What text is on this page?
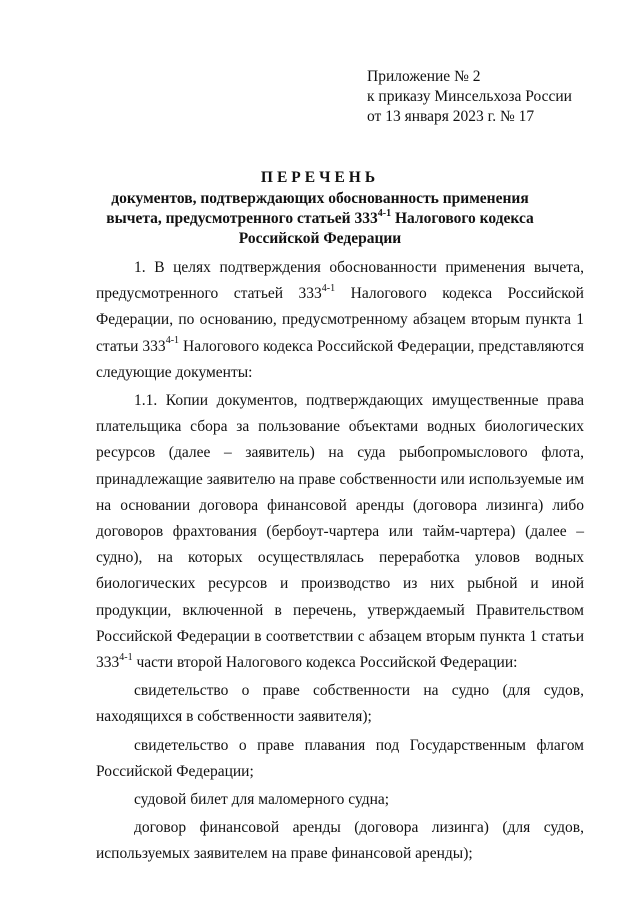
Приложение № 2
к приказу Минсельхоза России
от 13 января 2023 г. № 17
ПЕРЕЧЕНЬ
документов, подтверждающих обоснованность применения
вычета, предусмотренного статьей 333$^{4-1}$ Налогового кодекса
Российской Федерации

1. В целях подтверждения обоснованности применения вычета, предусмотренного статьей 333$^{4-1}$ Налогового кодекса Российской Федерации, по основанию, предусмотренному абзацем вторым пункта 1 статьи 333$^{4-1}$ Налогового кодекса Российской Федерации, представляются следующие документы:

1.1. Копии документов, подтверждающих имущественные права плательщика сбора за пользование объектами водных биологических ресурсов (далее – заявитель) на суда рыбопромыслового флота, принадлежащие заявителю на праве собственности или используемые им на основании договора финансовой аренды (договора лизинга) либо договоров фрахтования (бербоут-чартера или тайм-чартера) (далее – судно), на которых осуществлялась переработка уловов водных биологических ресурсов и производство из них рыбной и иной продукции, включенной в перечень, утверждаемый Правительством Российской Федерации в соответствии с абзацем вторым пункта 1 статьи 333$^{4-1}$ части второй Налогового кодекса Российской Федерации:

свидетельство о праве собственности на судно (для судов, находящихся в собственности заявителя);

свидетельство о праве плавания под Государственным флагом Российской Федерации;

судовой билет для маломерного судна;

договор финансовой аренды (договора лизинга) (для судов, используемых заявителем на праве финансовой аренды);
